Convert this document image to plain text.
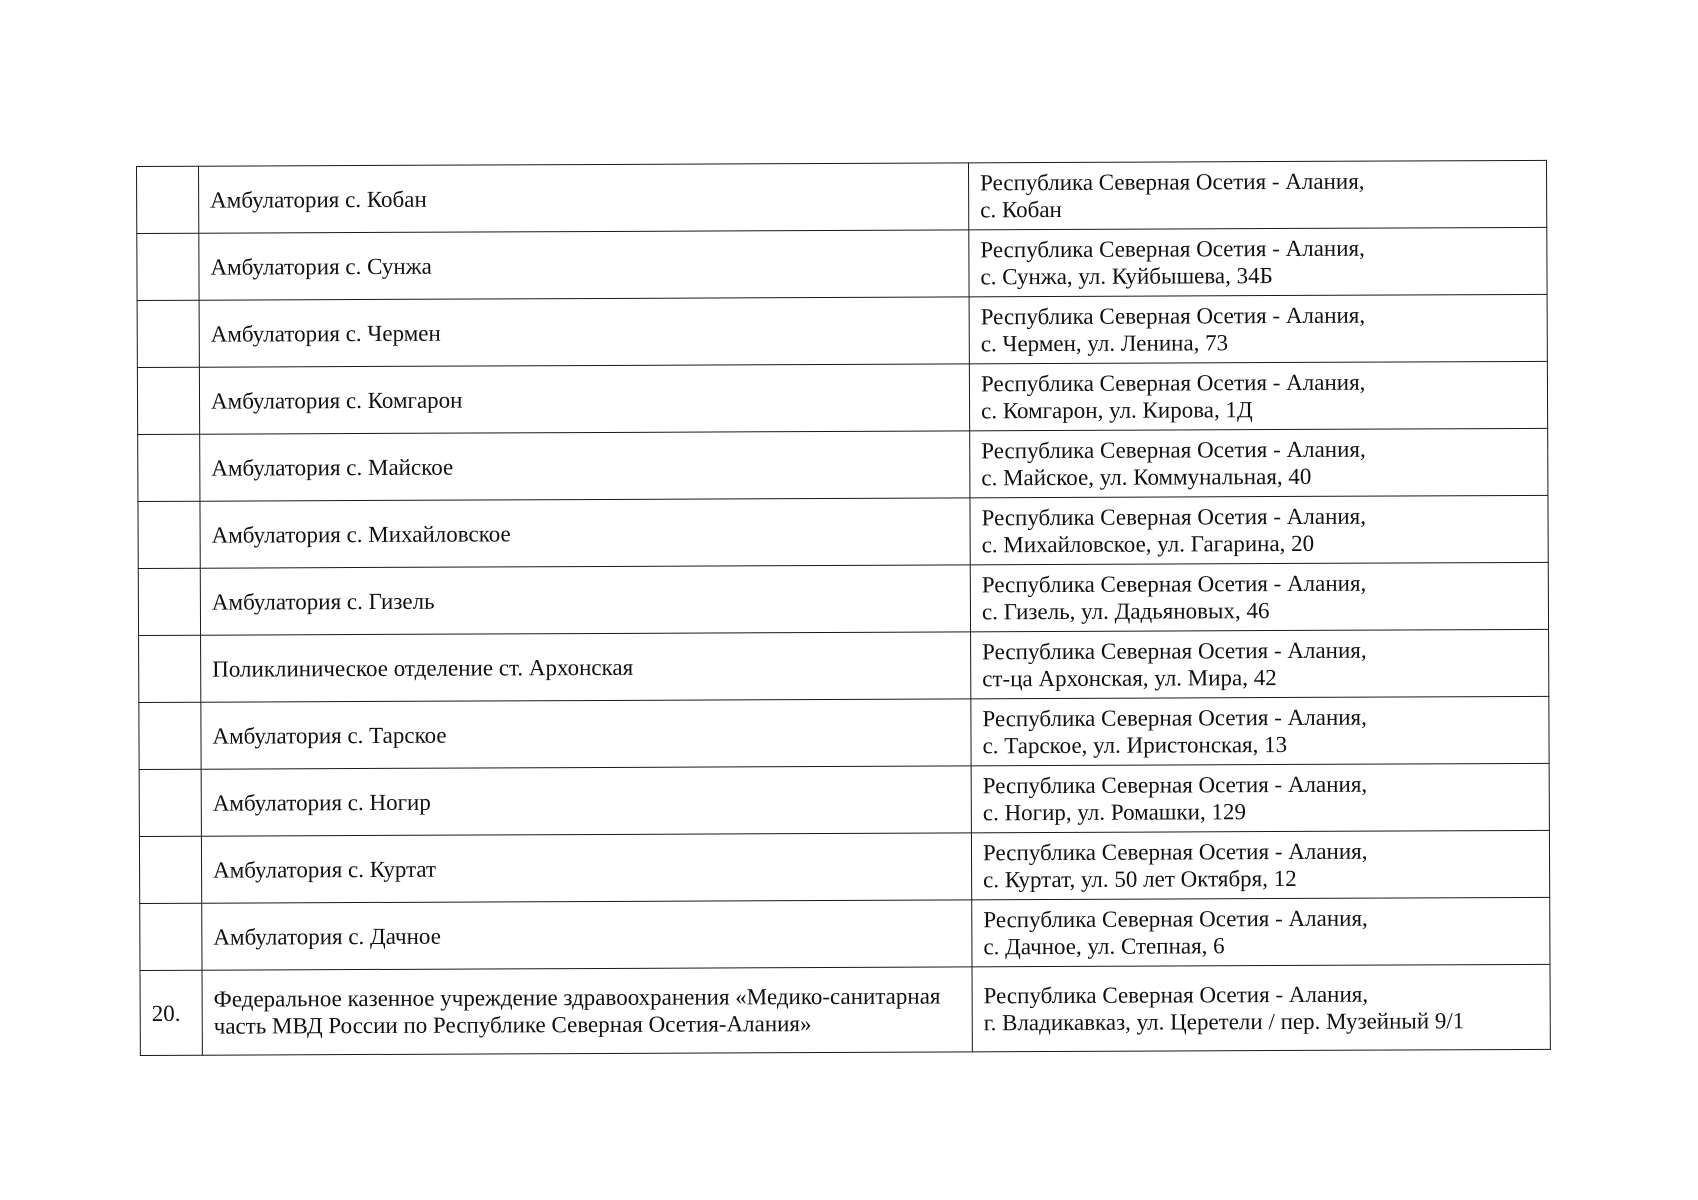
	Амбулатория с. Кобан	Республика Северная Осетия - Алания,
с. Кобан

	Амбулатория с. Сунжа	Республика Северная Осетия - Алания,
с. Сунжа, ул. Куйбышева, 34Б

	Амбулатория с. Чермен	Республика Северная Осетия - Алания,
с. Чермен, ул. Ленина, 73

	Амбулатория с. Комгарон	Республика Северная Осетия - Алания,
с. Комгарон, ул. Кирова, 1Д

	Амбулатория с. Майское	Республика Северная Осетия - Алания,
с. Майское, ул. Коммунальная, 40

	Амбулатория с. Михайловское	Республика Северная Осетия - Алания,
с. Михайловское, ул. Гагарина, 20

	Амбулатория с. Гизель	Республика Северная Осетия - Алания,
с. Гизель, ул. Дадьяновых, 46

	Поликлиническое отделение ст. Архонская	Республика Северная Осетия - Алания,
ст-ца Архонская, ул. Мира, 42

	Амбулатория с. Тарское	Республика Северная Осетия - Алания,
с. Тарское, ул. Иристонская, 13

	Амбулатория с. Ногир	Республика Северная Осетия - Алания,
с. Ногир, ул. Ромашки, 129

	Амбулатория с. Куртат	Республика Северная Осетия - Алания,
с. Куртат, ул. 50 лет Октября, 12

	Амбулатория с. Дачное	Республика Северная Осетия - Алания,
с. Дачное, ул. Степная, 6

20.	Федеральное казенное учреждение здравоохранения «Медико-санитарная часть МВД России по Республике Северная Осетия-Алания»	Республика Северная Осетия - Алания,
г. Владикавказ, ул. Церетели / пер. Музейный 9/1
